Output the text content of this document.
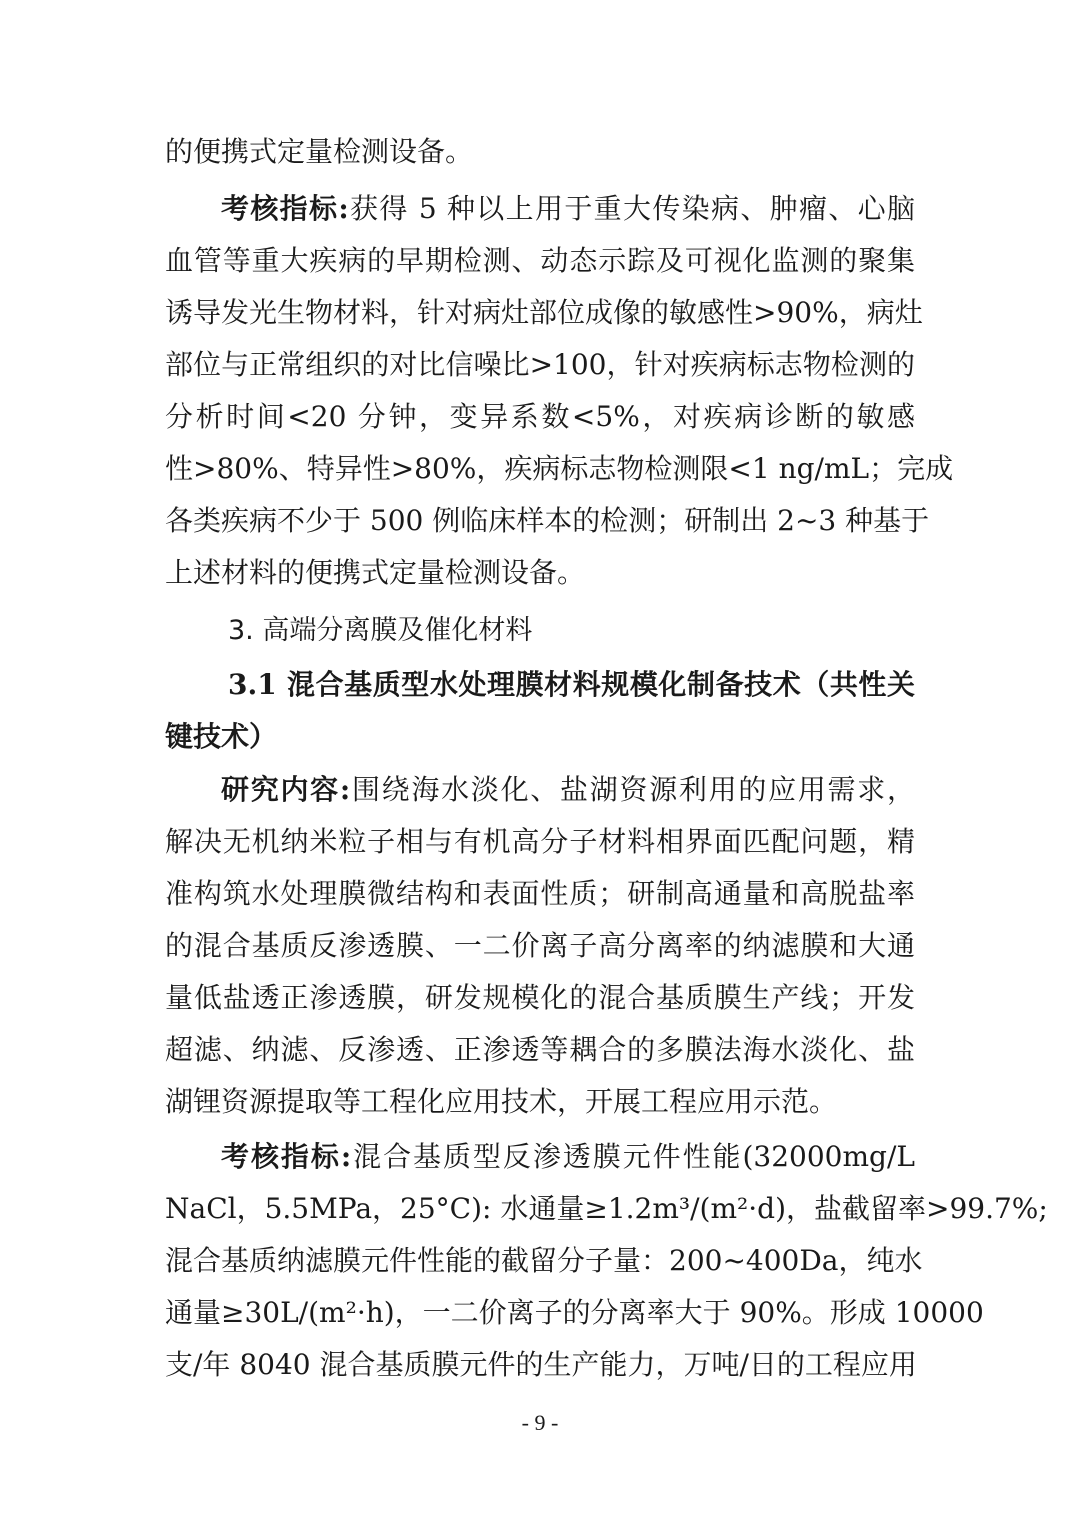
的便携式定量检测设备。
考核指标:获得 5 种以上用于重大传染病、肿瘤、心脑
血管等重大疾病的早期检测、动态示踪及可视化监测的聚集
诱导发光生物材料，针对病灶部位成像的敏感性>90%，病灶
部位与正常组织的对比信噪比>100，针对疾病标志物检测的
分析时间<20 分钟，变异系数<5%，对疾病诊断的敏感
性>80%、特异性>80%，疾病标志物检测限<1 ng/mL；完成
各类疾病不少于 500 例临床样本的检测；研制出 2~3 种基于
上述材料的便携式定量检测设备。
3. 高端分离膜及催化材料
3.1 混合基质型水处理膜材料规模化制备技术（共性关
键技术）
研究内容:围绕海水淡化、盐湖资源利用的应用需求，
解决无机纳米粒子相与有机高分子材料相界面匹配问题，精
准构筑水处理膜微结构和表面性质；研制高通量和高脱盐率
的混合基质反渗透膜、一二价离子高分离率的纳滤膜和大通
量低盐透正渗透膜，研发规模化的混合基质膜生产线；开发
超滤、纳滤、反渗透、正渗透等耦合的多膜法海水淡化、盐
湖锂资源提取等工程化应用技术，开展工程应用示范。
考核指标:混合基质型反渗透膜元件性能(32000mg/L
NaCl，5.5MPa，25°C): 水通量≥1.2m³/(m²·d)，盐截留率>99.7%;
混合基质纳滤膜元件性能的截留分子量：200~400Da，纯水
通量≥30L/(m²·h)，一二价离子的分离率大于 90%。形成 10000
支/年 8040 混合基质膜元件的生产能力，万吨/日的工程应用
- 9 -
